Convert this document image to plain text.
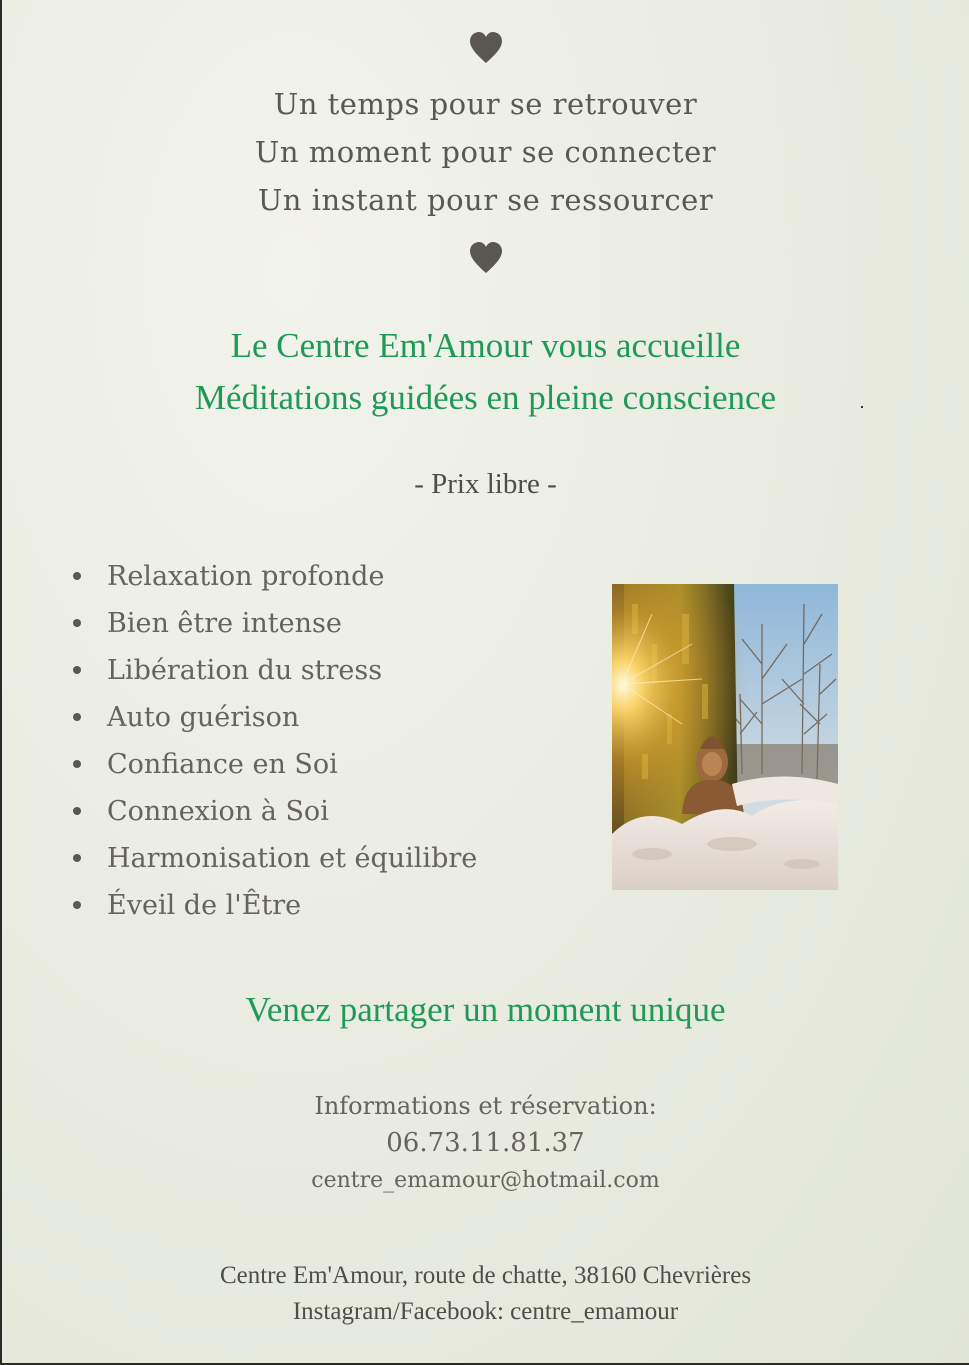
Un temps pour se retrouver
Un moment pour se connecter
Un instant pour se ressourcer
Le Centre Em'Amour vous accueille
Méditations guidées en pleine conscience
- Prix libre -
Relaxation profonde
Bien être intense
Libération du stress
Auto guérison
Confiance en Soi
Connexion à Soi
Harmonisation et équilibre
Éveil de l'Être
Venez partager un moment unique
Informations et réservation:
06.73.11.81.37
centre_emamour@hotmail.com
Centre Em'Amour, route de chatte, 38160 Chevrières
Instagram/Facebook: centre_emamour
